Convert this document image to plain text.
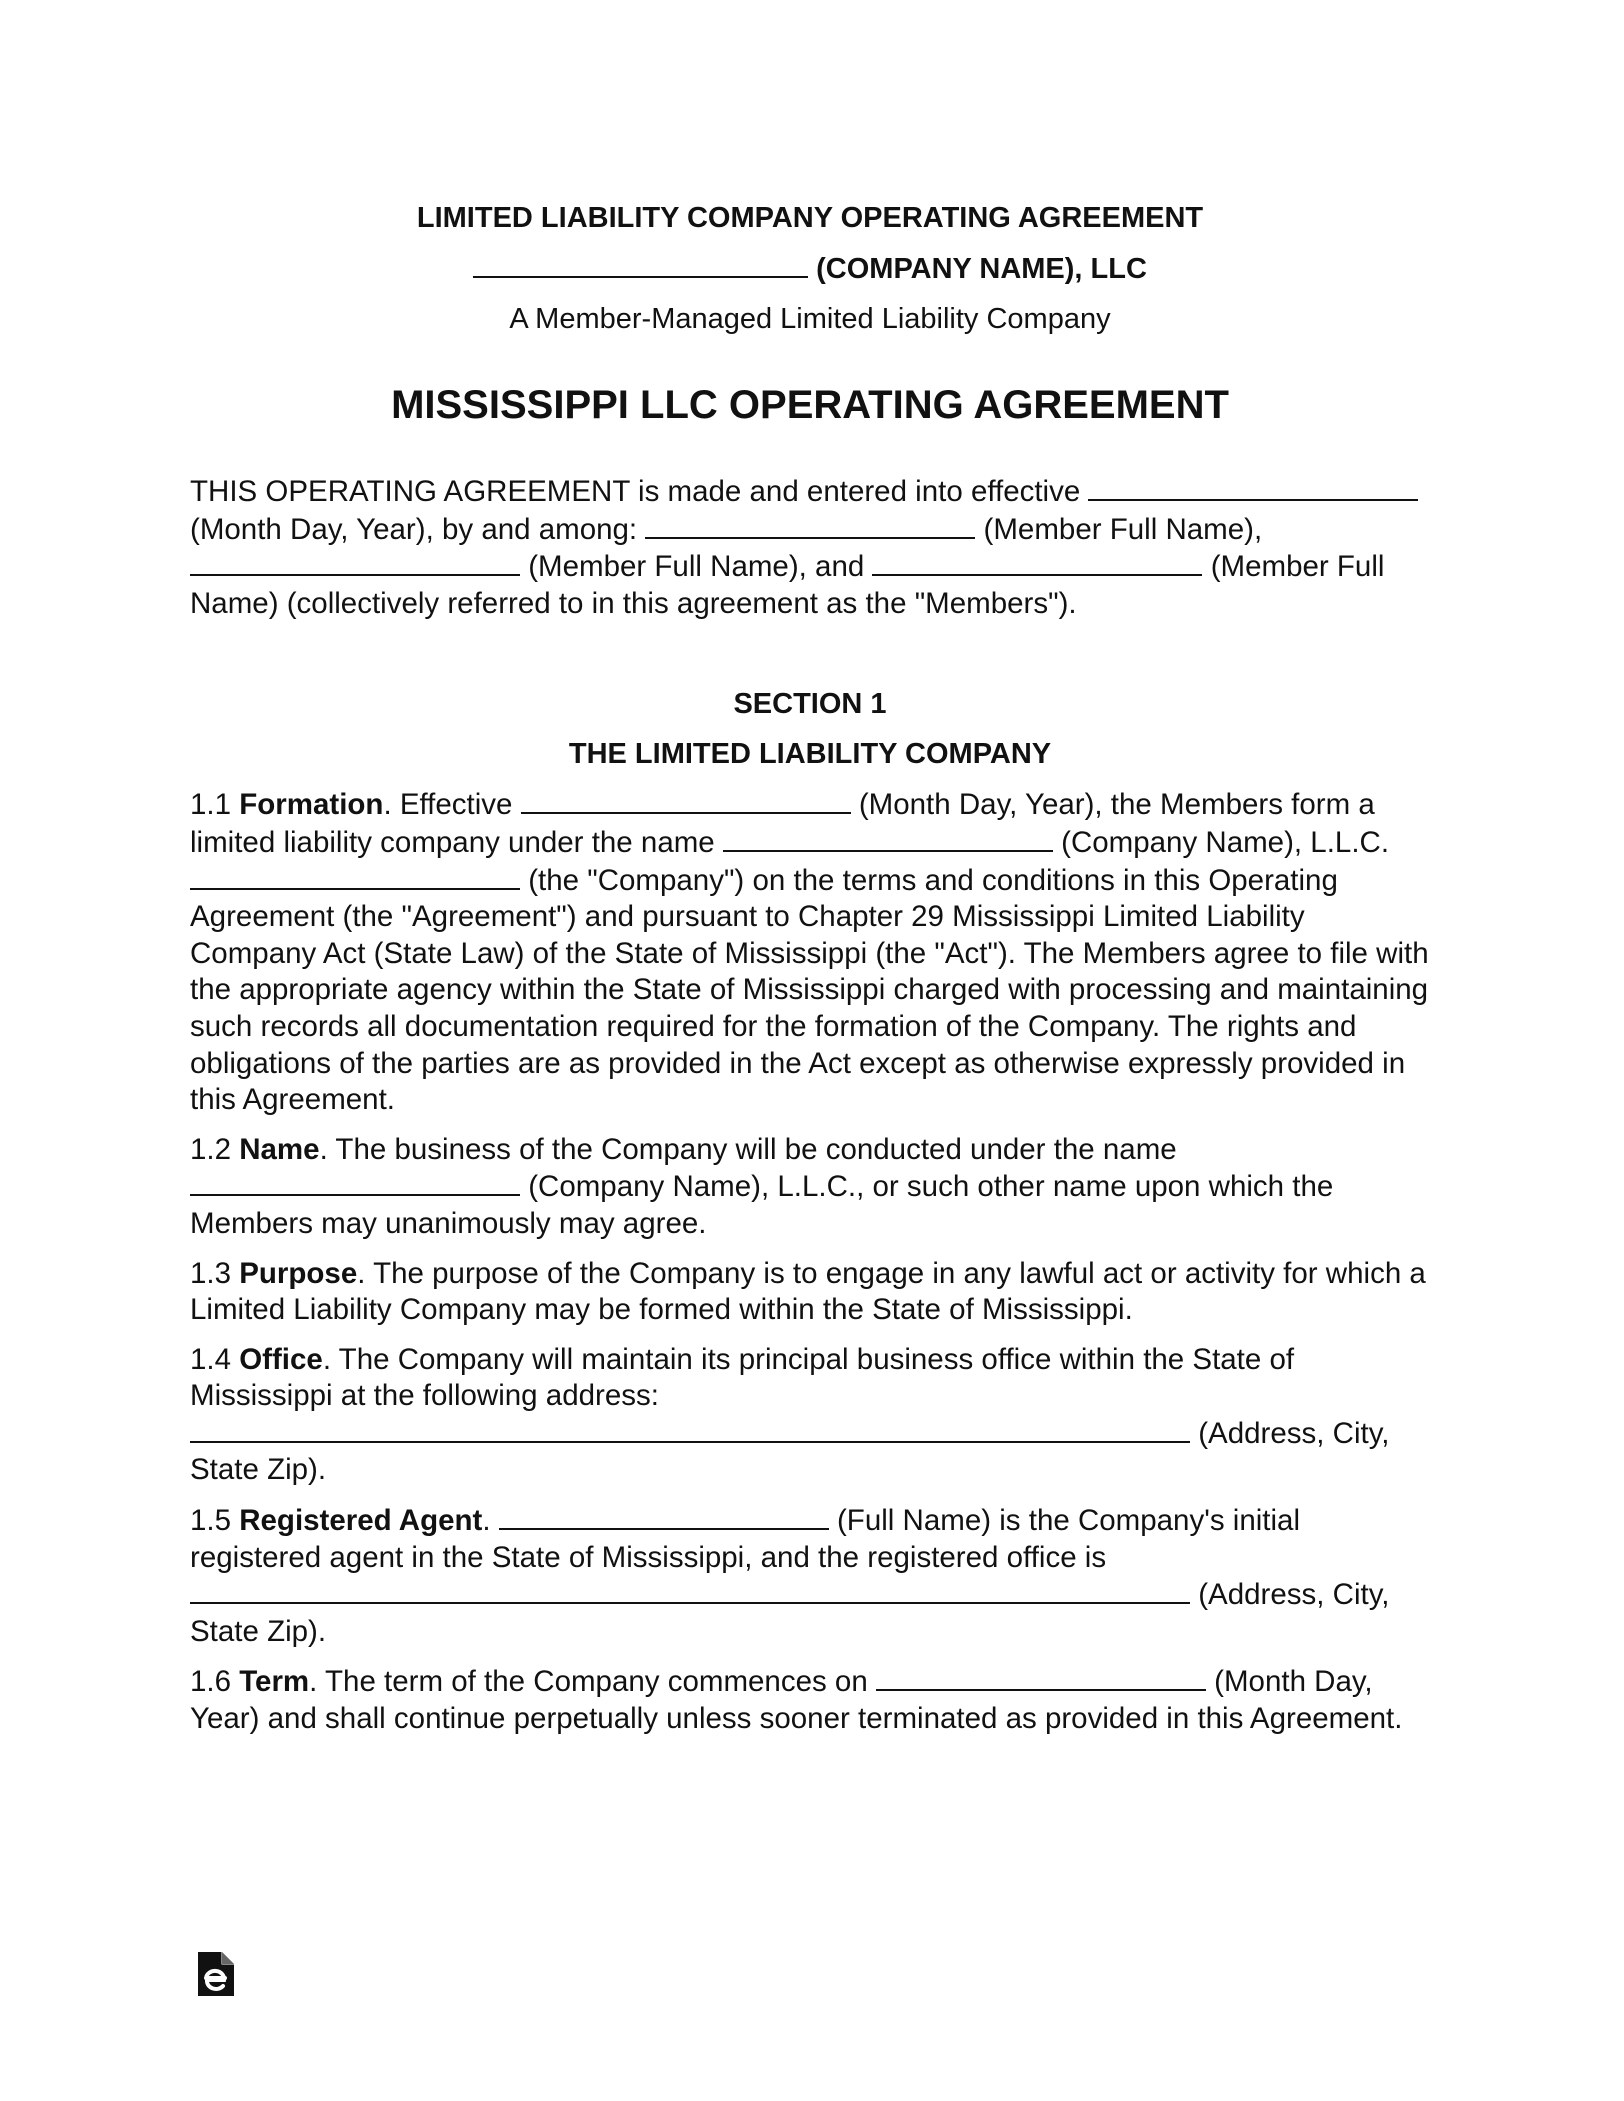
LIMITED LIABILITY COMPANY OPERATING AGREEMENT
(COMPANY NAME), LLC
A Member-Managed Limited Liability Company
MISSISSIPPI LLC OPERATING AGREEMENT

THIS OPERATING AGREEMENT is made and entered into effective  (Month Day, Year), by and among:	(Member Full Name),  (Member Full Name), and	(Member Full Name) (collectively referred to in this agreement as the "Members").

SECTION 1
THE LIMITED LIABILITY COMPANY

1.1 Formation. Effective	(Month Day, Year), the Members form a limited liability company under the name	(Company Name), L.L.C.  (the "Company") on the terms and conditions in this Operating Agreement (the "Agreement") and pursuant to Chapter 29 Mississippi Limited Liability Company Act (State Law) of the State of Mississippi (the "Act"). The Members agree to file with the appropriate agency within the State of Mississippi charged with processing and maintaining such records all documentation required for the formation of the Company. The rights and obligations of the parties are as provided in the Act except as otherwise expressly provided in this Agreement.

1.2 Name. The business of the Company will be conducted under the name  (Company Name), L.L.C., or such other name upon which the Members may unanimously may agree.

1.3 Purpose. The purpose of the Company is to engage in any lawful act or activity for which a Limited Liability Company may be formed within the State of Mississippi.

1.4 Office. The Company will maintain its principal business office within the State of Mississippi at the following address:  (Address, City, State Zip).

1.5 Registered Agent.	(Full Name) is the Company's initial registered agent in the State of Mississippi, and the registered office is  (Address, City, State Zip).

1.6 Term. The term of the Company commences on	(Month Day, Year) and shall continue perpetually unless sooner terminated as provided in this Agreement.
